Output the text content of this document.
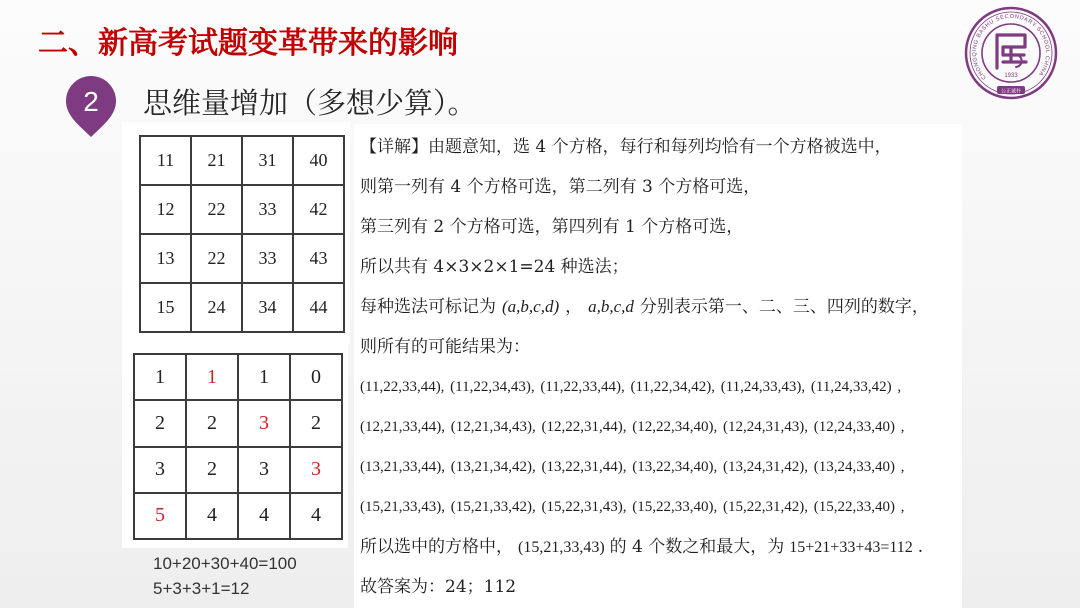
二、新高考试题变革带来的影响
2 思维量增加（多想少算）。
CHONGQING BASHU SECONDARY SCHOOL CHINA
1933
公正诚朴
11	21	31	40
12	22	33	42
13	22	33	43
15	24	34	44
1	1	1	0
2	2	3	2
3	2	3	3
5	4	4	4
10+20+30+40=100
5+3+3+1=12
【详解】由题意知，选 4 个方格，每行和每列均恰有一个方格被选中，
则第一列有 4 个方格可选，第二列有 3 个方格可选，
第三列有 2 个方格可选，第四列有 1 个方格可选，
所以共有 4×3×2×1=24 种选法；
每种选法可标记为 (a,b,c,d) ， a,b,c,d 分别表示第一、二、三、四列的数字，
则所有的可能结果为：
(11,22,33,44), (11,22,34,43), (11,22,33,44), (11,22,34,42), (11,24,33,43), (11,24,33,42) ,
(12,21,33,44), (12,21,34,43), (12,22,31,44), (12,22,34,40), (12,24,31,43), (12,24,33,40) ,
(13,21,33,44), (13,21,34,42), (13,22,31,44), (13,22,34,40), (13,24,31,42), (13,24,33,40) ,
(15,21,33,43), (15,21,33,42), (15,22,31,43), (15,22,33,40), (15,22,31,42), (15,22,33,40) ,
所以选中的方格中， (15,21,33,43) 的 4 个数之和最大，为 15+21+33+43=112 .
故答案为：24；112
